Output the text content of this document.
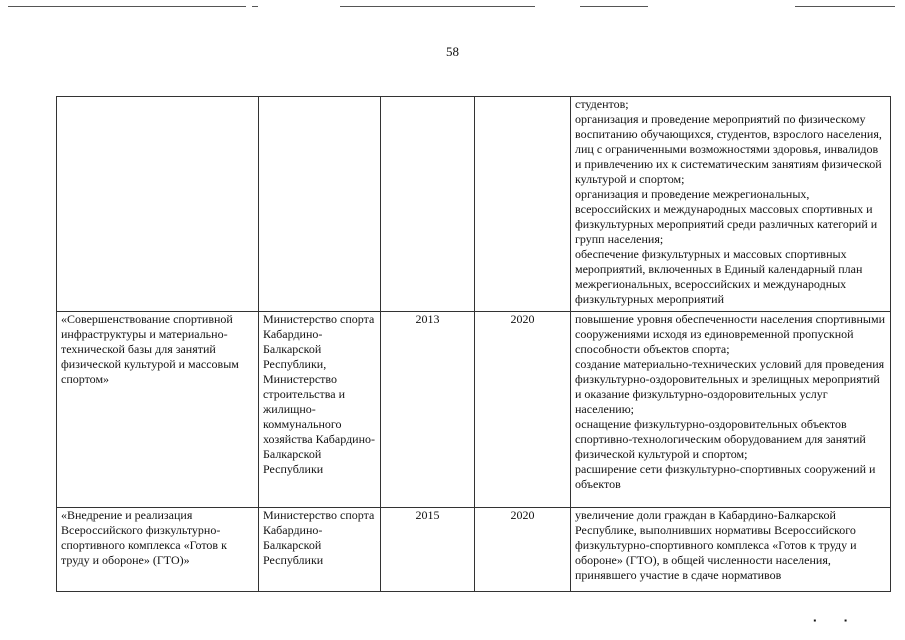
58

				студентов;
организация и проведение мероприятий по физическому воспитанию обучающихся, студентов, взрослого населения, лиц с ограниченными возможностями здоровья, инвалидов и привлечению их к систематическим занятиям физической культурой и спортом;
организация и проведение межрегиональных, всероссийских и международных массовых спортивных и физкультурных мероприятий среди различных категорий и групп населения;
обеспечение физкультурных и массовых спортивных мероприятий, включенных в Единый календарный план межрегиональных, всероссийских и международных физкультурных мероприятий

«Совершенствование спортивной инфраструктуры и материально-технической базы для занятий физической культурой и массовым спортом»	Министерство спорта Кабардино-Балкарской Республики, Министерство строительства и жилищно-коммунального хозяйства Кабардино-Балкарской Республики	2013	2020	повышение уровня обеспеченности населения спортивными сооружениями исходя из единовременной пропускной способности объектов спорта;
создание материально-технических условий для проведения физкультурно-оздоровительных и зрелищных мероприятий и оказание физкультурно-оздоровительных услуг населению;
оснащение физкультурно-оздоровительных объектов спортивно-технологическим оборудованием для занятий физической культурой и спортом;
расширение сети физкультурно-спортивных сооружений и объектов

«Внедрение и реализация Всероссийского физкультурно-спортивного комплекса «Готов к труду и обороне» (ГТО)»	Министерство спорта Кабардино-Балкарской Республики	2015	2020	увеличение доли граждан в Кабардино-Балкарской Республике, выполнивших нормативы Всероссийского физкультурно-спортивного комплекса «Готов к труду и обороне» (ГТО), в общей численности населения, принявшего участие в сдаче нормативов
▪▪
